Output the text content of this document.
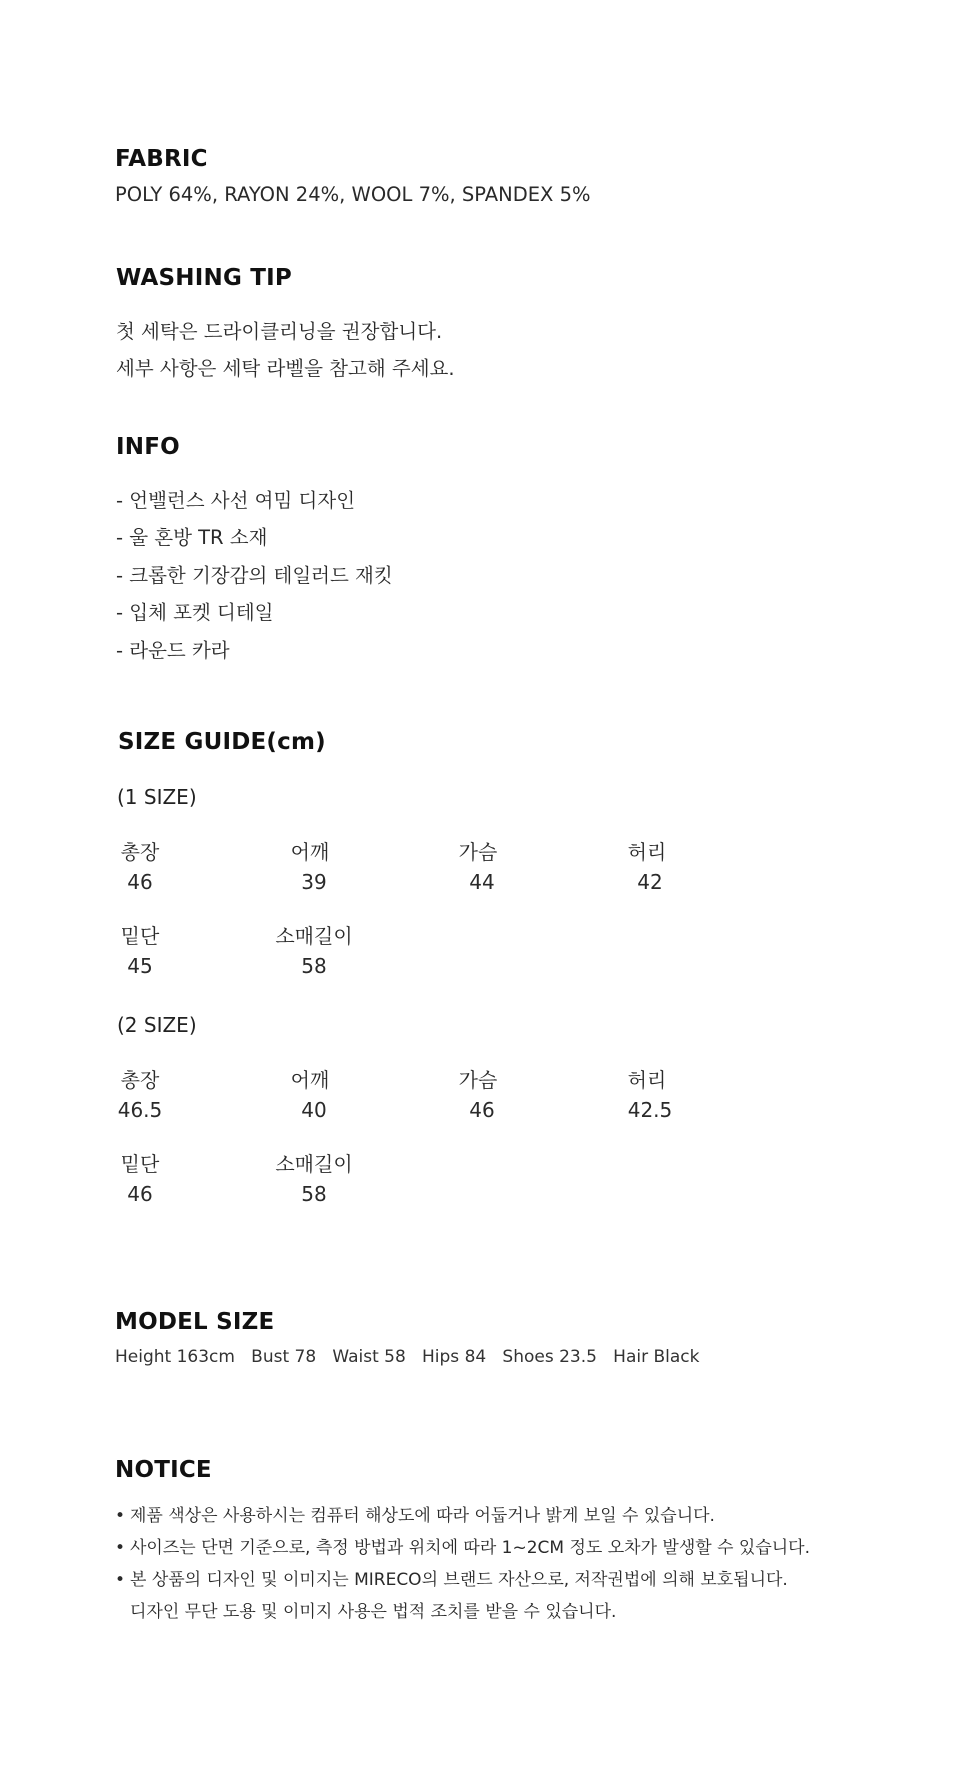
FABRIC
POLY 64%, RAYON 24%, WOOL 7%, SPANDEX 5%
WASHING TIP
첫 세탁은 드라이클리닝을 권장합니다.
세부 사항은 세탁 라벨을 참고해 주세요.
INFO
- 언밸런스 사선 여밈 디자인
- 울 혼방 TR 소재
- 크롭한 기장감의 테일러드 재킷
- 입체 포켓 디테일
- 라운드 카라
SIZE GUIDE(cm)
(1 SIZE)
총장	어깨	가슴	허리
46	39	44	42
밑단	소매길이
45	58
(2 SIZE)
총장	어깨	가슴	허리
46.5	40	46	42.5
밑단	소매길이
46	58
MODEL SIZE
Height 163cm   Bust 78   Waist 58   Hips 84   Shoes 23.5   Hair Black
NOTICE
• 제품 색상은 사용하시는 컴퓨터 해상도에 따라 어둡거나 밝게 보일 수 있습니다.
• 사이즈는 단면 기준으로, 측정 방법과 위치에 따라 1~2CM 정도 오차가 발생할 수 있습니다.
• 본 상품의 디자인 및 이미지는 MIRECO의 브랜드 자산으로, 저작권법에 의해 보호됩니다.
디자인 무단 도용 및 이미지 사용은 법적 조치를 받을 수 있습니다.
